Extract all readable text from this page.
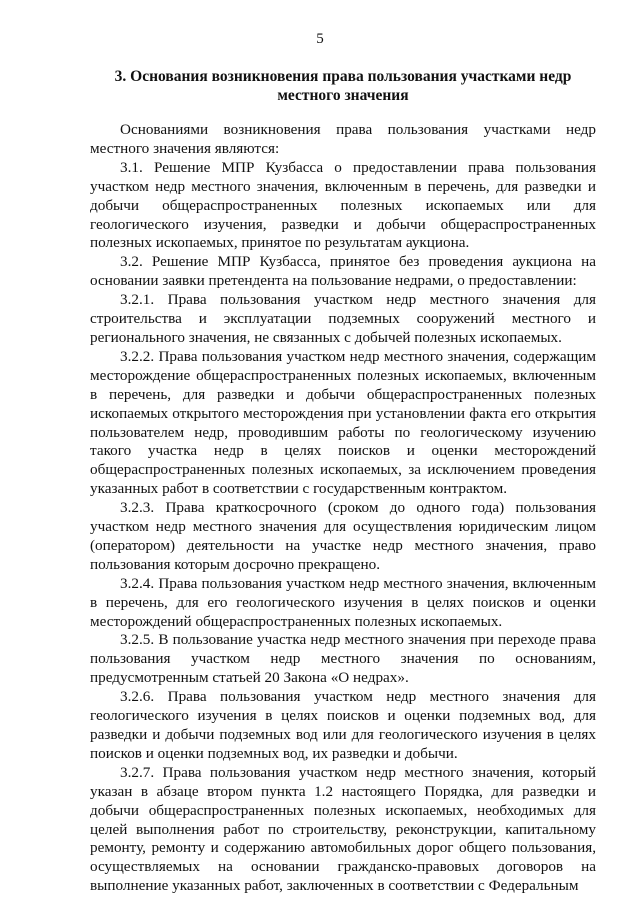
5
3. Основания возникновения права пользования участками недр местного значения

Основаниями возникновения права пользования участками недр местного значения являются:

3.1. Решение МПР Кузбасса о предоставлении права пользования участком недр местного значения, включенным в перечень, для разведки и добычи общераспространенных полезных ископаемых или для геологического изучения, разведки и добычи общераспространенных полезных ископаемых, принятое по результатам аукциона.

3.2. Решение МПР Кузбасса, принятое без проведения аукциона на основании заявки претендента на пользование недрами, о предоставлении:

3.2.1. Права пользования участком недр местного значения для строительства и эксплуатации подземных сооружений местного и регионального значения, не связанных с добычей полезных ископаемых.

3.2.2. Права пользования участком недр местного значения, содержащим месторождение общераспространенных полезных ископаемых, включенным в перечень, для разведки и добычи общераспространенных полезных ископаемых открытого месторождения при установлении факта его открытия пользователем недр, проводившим работы по геологическому изучению такого участка недр в целях поисков и оценки месторождений общераспространенных полезных ископаемых, за исключением проведения указанных работ в соответствии с государственным контрактом.

3.2.3. Права краткосрочного (сроком до одного года) пользования участком недр местного значения для осуществления юридическим лицом (оператором) деятельности на участке недр местного значения, право пользования которым досрочно прекращено.

3.2.4. Права пользования участком недр местного значения, включенным в перечень, для его геологического изучения в целях поисков и оценки месторождений общераспространенных полезных ископаемых.

3.2.5. В пользование участка недр местного значения при переходе права пользования участком недр местного значения по основаниям, предусмотренным статьей 20 Закона «О недрах».

3.2.6. Права пользования участком недр местного значения для геологического изучения в целях поисков и оценки подземных вод, для разведки и добычи подземных вод или для геологического изучения в целях поисков и оценки подземных вод, их разведки и добычи.

3.2.7. Права пользования участком недр местного значения, который указан в абзаце втором пункта 1.2 настоящего Порядка, для разведки и добычи общераспространенных полезных ископаемых, необходимых для целей выполнения работ по строительству, реконструкции, капитальному ремонту, ремонту и содержанию автомобильных дорог общего пользования, осуществляемых на основании гражданско-правовых договоров на выполнение указанных работ, заключенных в соответствии с Федеральным
